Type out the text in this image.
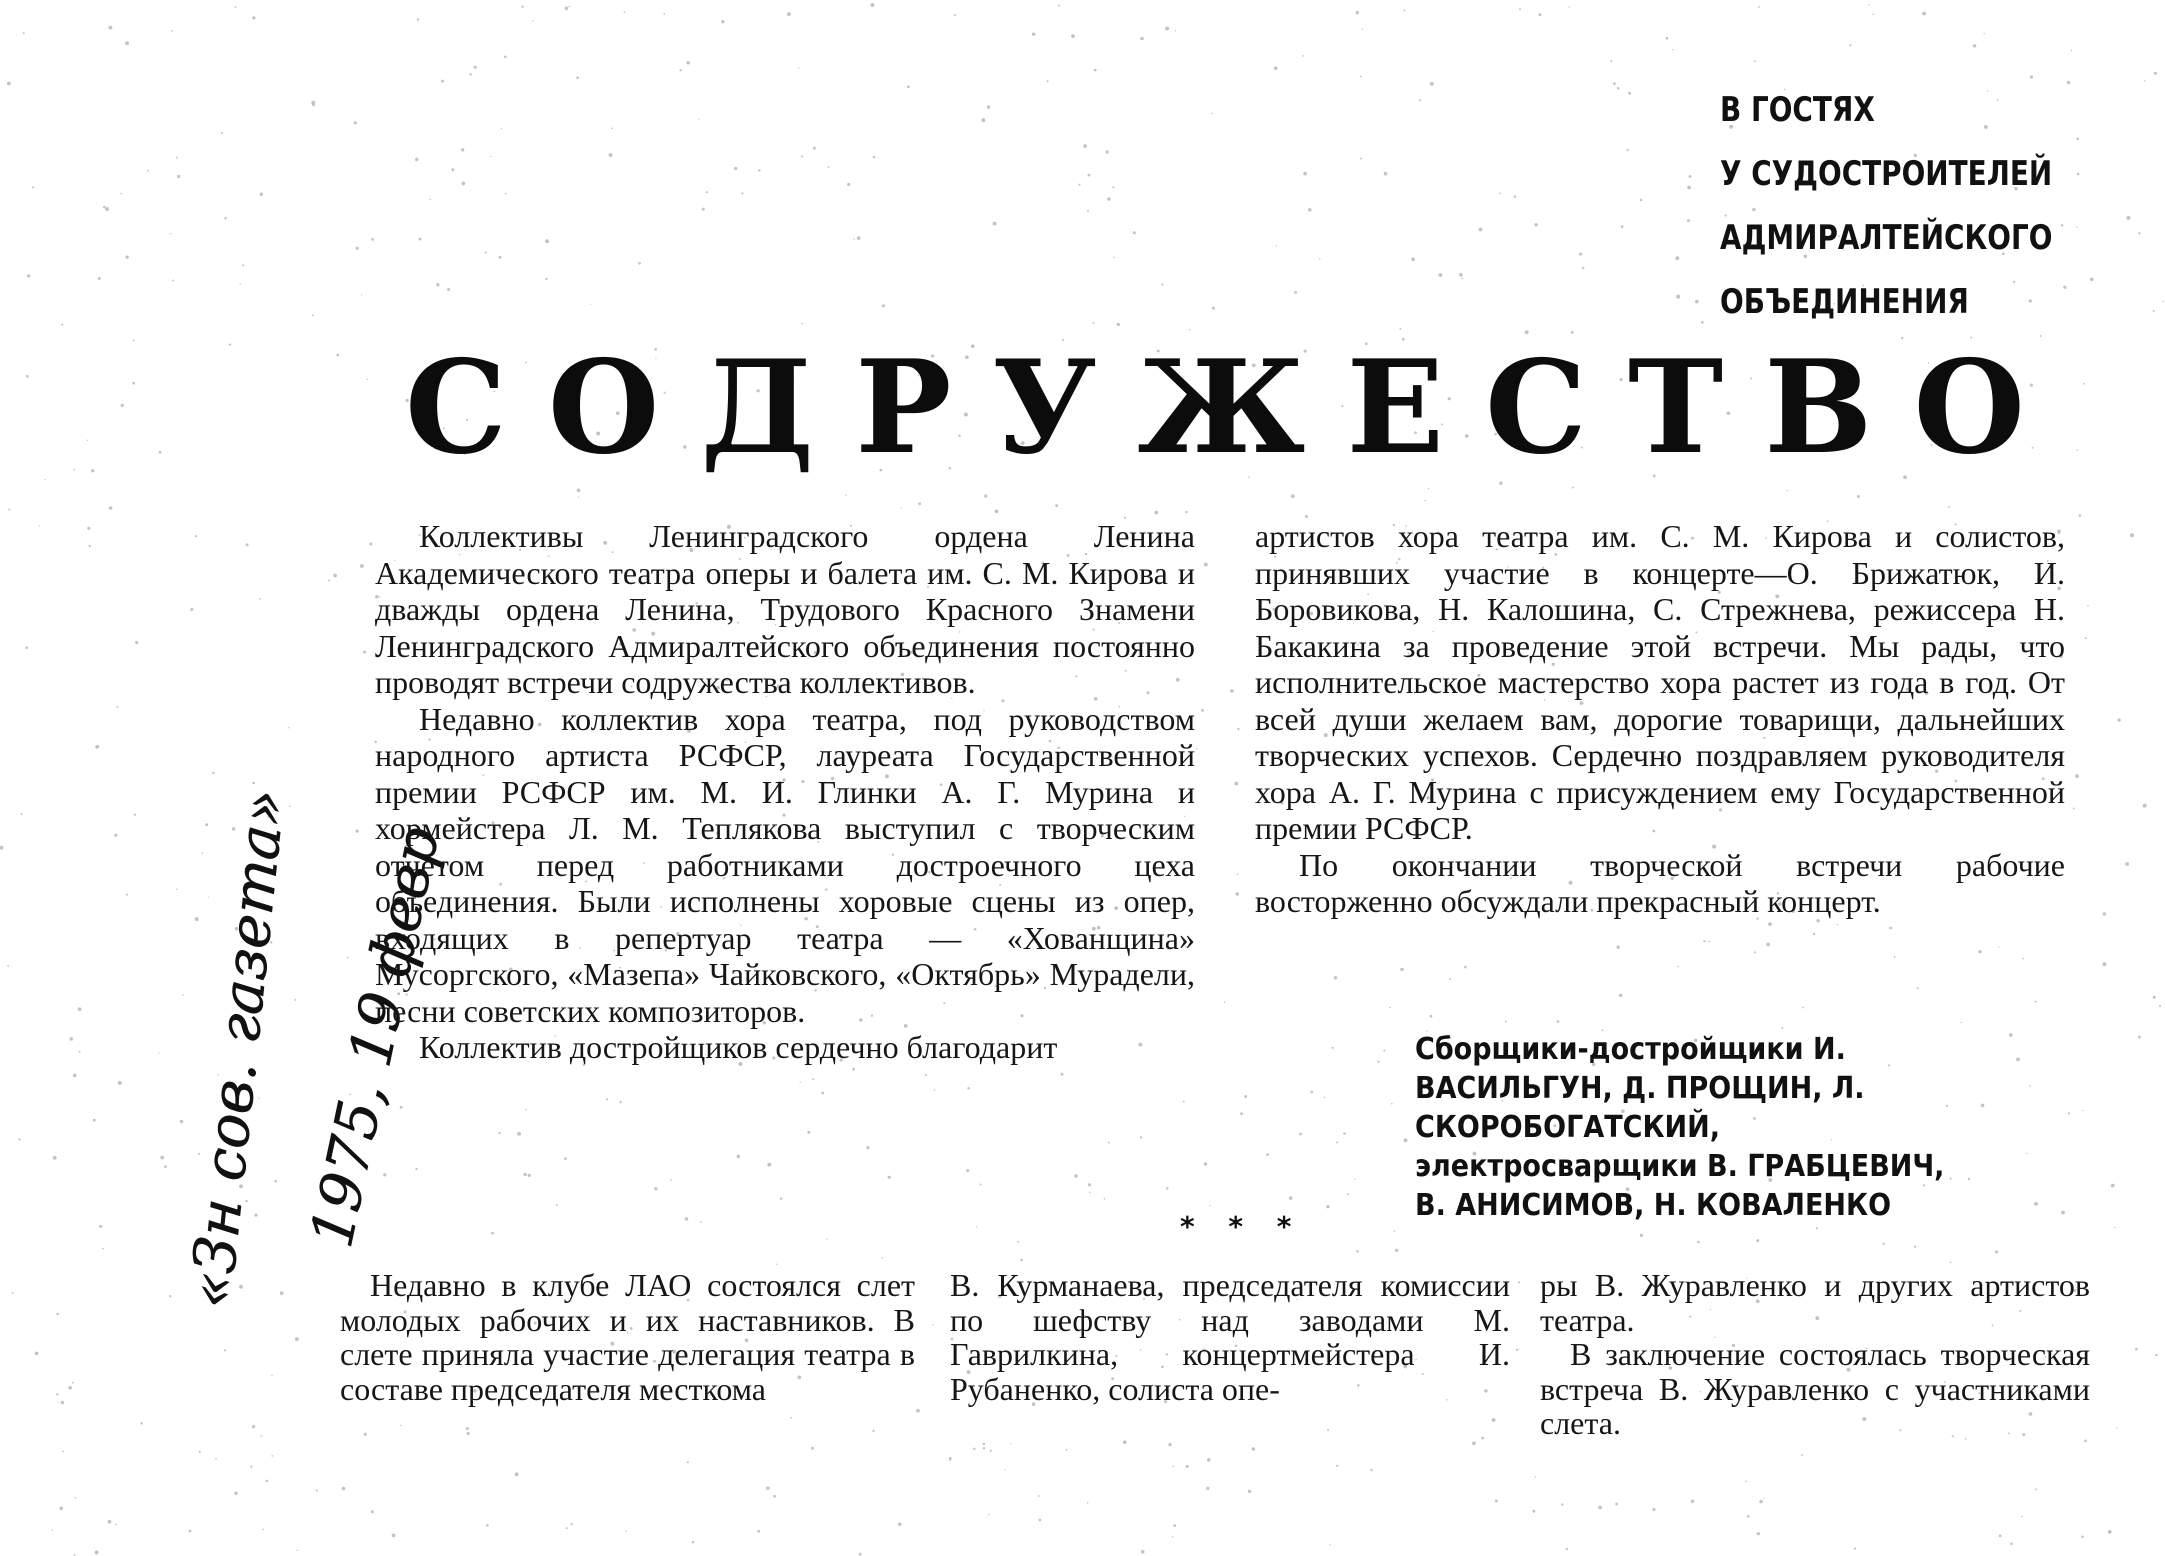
«Зн сов. газета»
1975, 19 февр
В ГОСТЯХ
У СУДОСТРОИТЕЛЕЙ
АДМИРАЛТЕЙСКОГО
ОБЪЕДИНЕНИЯ
С О Д Р У Ж Е С Т В О

Коллективы Ленинградского ордена Ленина Академического театра оперы и балета им. С. М. Кирова и дважды ордена Ленина, Трудового Красного Знамени Ленинградского Адмиралтейского объединения постоянно проводят встречи содружества коллективов.

Недавно коллектив хора театра, под руководством народного артиста РСФСР, лауреата Государственной премии РСФСР им. М. И. Глинки А. Г. Мурина и хормейстера Л. М. Теплякова выступил с творческим отчетом перед работниками достроечного цеха объединения. Были исполнены хоровые сцены из опер, входящих в репертуар театра — «Хованщина» Мусоргского, «Мазепа» Чайковского, «Октябрь» Мурадели, песни советских композиторов.

Коллектив достройщиков сердечно благодарит

артистов хора театра им. С. М. Кирова и солистов, принявших участие в концерте—О. Брижатюк, И. Боровикова, Н. Калошина, С. Стрежнева, режиссера Н. Бакакина за проведение этой встречи. Мы рады, что исполнительское мастерство хора растет из года в год. От всей души желаем вам, дорогие товарищи, дальнейших творческих успехов. Сердечно поздравляем руководителя хора А. Г. Мурина с присуждением ему Государственной премии РСФСР.

По окончании творческой встречи рабочие восторженно обсуждали прекрасный концерт.

Сборщики-достройщики И. ВАСИЛЬГУН, Д. ПРОЩИН, Л. СКОРОБОГАТСКИЙ, электросварщики В. ГРАБЦЕВИЧ, В. АНИСИМОВ, Н. КОВАЛЕНКО
* * *

Недавно в клубе ЛАО состоялся слет молодых рабочих и их наставников. В слете приняла участие делегация театра в составе председателя месткома

В. Курманаева, председателя комиссии по шефству над заводами М. Гаврилкина, концертмейстера И. Рубаненко, солиста опе-

ры В. Журавленко и других артистов театра.

В заключение состоялась творческая встреча В. Журавленко с участниками слета.
